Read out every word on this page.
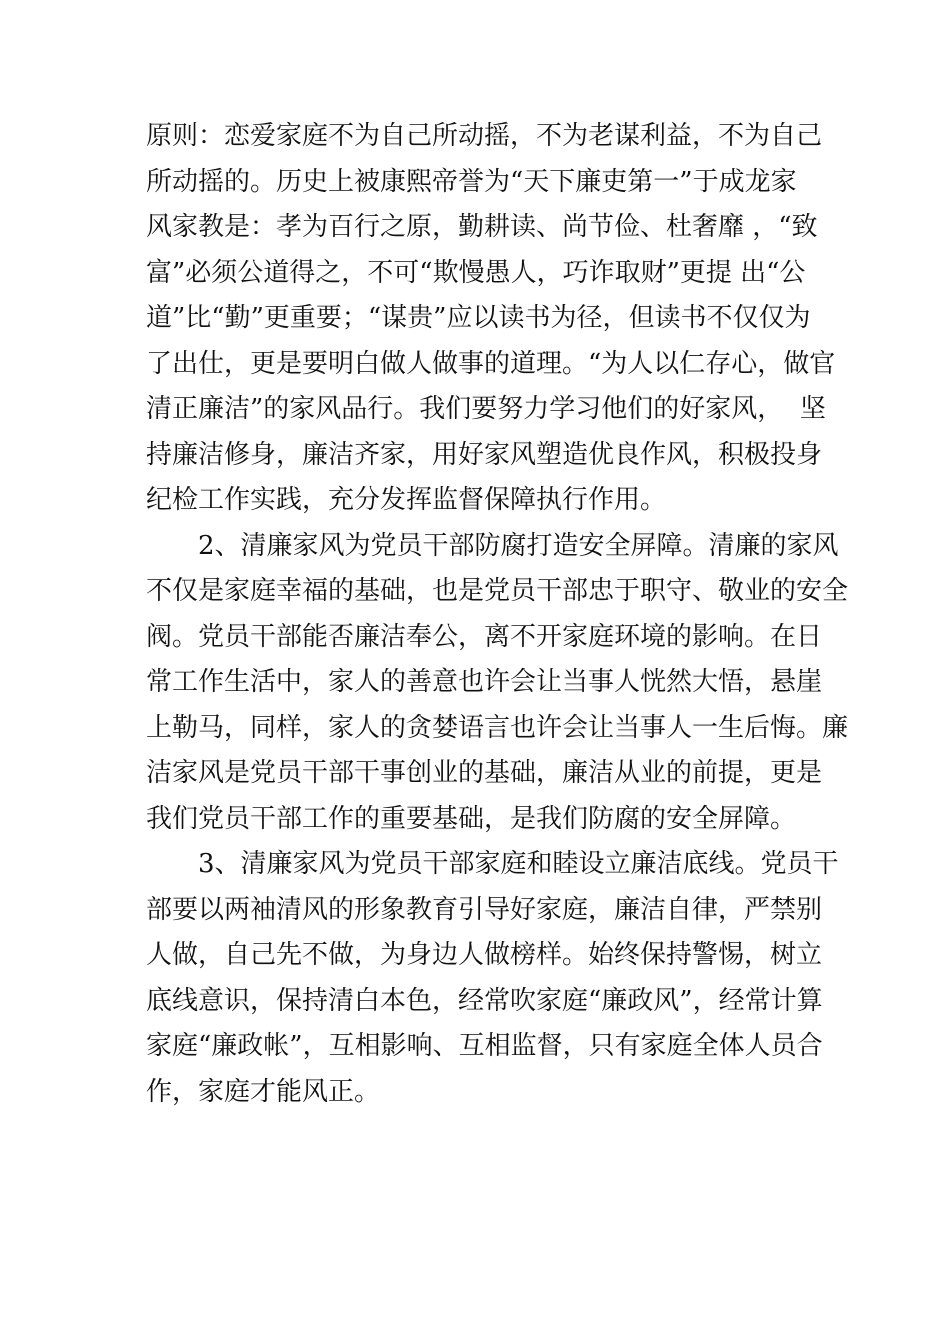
原则：恋爱家庭不为自己所动摇，不为老谋利益，不为自己
所动摇的。历史上被康熙帝誉为“天下廉吏第一”于成龙家
风家教是：孝为百行之原，勤耕读、尚节俭、杜奢靡 ，“致
富”必须公道得之，不可“欺慢愚人，巧诈取财”更提 出“公
道”比“勤”更重要；“谋贵”应以读书为径，但读书不仅仅为
了出仕，更是要明白做人做事的道理。“为人以仁存心，做官
清正廉洁”的家风品行。我们要努力学习他们的好家风，  坚
持廉洁修身，廉洁齐家，用好家风塑造优良作风，积极投身
纪检工作实践，充分发挥监督保障执行作用。
2、清廉家风为党员干部防腐打造安全屏障。清廉的家风
不仅是家庭幸福的基础，也是党员干部忠于职守、敬业的安全
阀。党员干部能否廉洁奉公，离不开家庭环境的影响。在日
常工作生活中，家人的善意也许会让当事人恍然大悟，悬崖
上勒马，同样，家人的贪婪语言也许会让当事人一生后悔。廉
洁家风是党员干部干事创业的基础，廉洁从业的前提，更是
我们党员干部工作的重要基础，是我们防腐的安全屏障。
3、清廉家风为党员干部家庭和睦设立廉洁底线。党员干
部要以两袖清风的形象教育引导好家庭，廉洁自律，严禁别
人做，自己先不做，为身边人做榜样。始终保持警惕，树立
底线意识，保持清白本色，经常吹家庭“廉政风”，经常计算
家庭“廉政帐”，互相影响、互相监督，只有家庭全体人员合
作，家庭才能风正。
